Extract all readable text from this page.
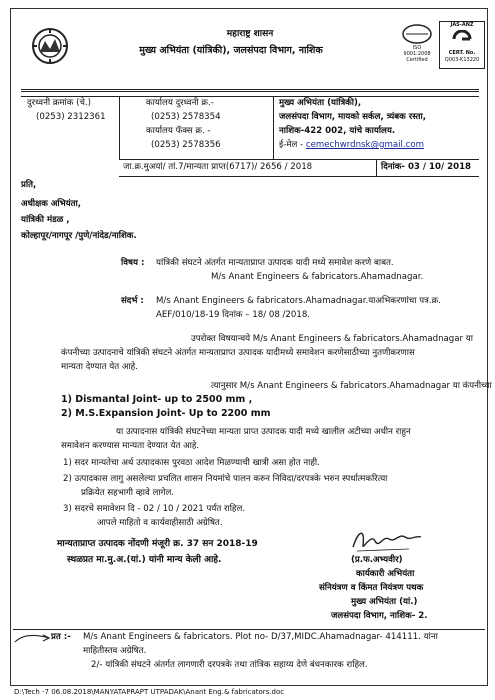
महाराष्ट्र शासन
मुख्य अभियंता (यांत्रिकी), जलसंपदा विभाग, नाशिक	ISO
9001:2008
Certified
JAS-ANZ
CERT. No.
Q003-K13220
दुरध्वनी क्रमांक (चे.)
(0253) 2312361
कार्यालय दुरध्वनी क्र.-
(0253) 2578354
कार्यालय फॅक्स क्र. -
(0253) 2578356
मुख्य अभियंता (यांत्रिकी),
जलसंपदा विभाग, मायको सर्कल, त्र्यंबक रस्ता,
नाशिक-422 002, यांचे कार्यालय.
ई-मेल - cemechwrdnsk@gmail.com
जा.क्र.मुअयां/ तां.7/मान्यता प्राप्त(6717)/ 2656 / 2018	दिनांक- 03 / 10/ 2018
प्रति,
अधीक्षक अभियंता,
यांत्रिकी मंडळ ,
कोल्हापूर/नागपूर /पुणे/नांदेड/नाशिक.
विषय : यांत्रिकी संघटने अंतर्गत मान्यताप्राप्त उत्पादक यादी मध्ये समावेश करणे बाबत.
M/s Anant Engineers & fabricators.Ahamadnagar.
संदर्भ : M/s Anant Engineers & fabricators.Ahamadnagar.याअभिकरणांचा पत्र.क्र.
AEF/010/18-19 दिनांक – 18/ 08 /2018.
उपरोक्त विषयान्वये M/s Anant Engineers & fabricators.Ahamadnagar या
कंपनीच्या उत्पादनाचे यांत्रिकी संघटने अंतर्गत मान्यताप्राप्त उत्पादक यादीमध्ये समावेशन करणेसाठीच्या नुतणीकरणास
मान्यता देण्यात येत आहे.
त्यानुसार M/s Anant Engineers & fabricators.Ahamadnagar या कंपनीच्या
1) Dismantal Joint- up to 2500 mm ,
2) M.S.Expansion Joint- Up to 2200 mm
या उत्पादनास यांत्रिकी संघटनेच्या मान्यता प्राप्त उत्पादक यादी मध्ये खालील अटीच्या अधीन राहुन
समावेशन करण्यास मान्यता देण्यात येत आहे.
1) सदर मान्यतेचा अर्थ उत्पादकास पुरवठा आदेश मिळण्याची खात्री असा होत नाही.
2) उत्पादकास लागु असलेल्या प्रचलित शासन नियमांचे पालन करुन निविदा/दरपत्रके भरुन स्पर्धात्मकरित्या
प्रक्रियेत सहभागी व्हावे लागेल.
3) सदरचे समावेशन दि - 02 / 10 / 2021 पर्यंत राहिल.
आपले माहितो व कार्यवाहीसाठी अग्रेषित.
मान्यताप्राप्त उत्पादक नोंदणी मंजूरी क्र. 37 सन 2018-19
स्थळप्रत मा.मु.अ.(यां.) यांनी मान्य केली आहे.	(प्र.फ.अभ्यवीर)
कार्यकारी अभियंता
संनियंत्रण व किंमत नियंत्रण पथक
मुख्य अभियंता (यां.)
जलसंपदा विभाग, नाशिक- 2.
प्रत :- M/s Anant Engineers & fabricators. Plot no- D/37,MIDC.Ahamadnagar- 414111. यांना
माहितीस्तव अग्रेषित.
2/- यांत्रिकी संघटने अंतर्गत लागणारी दरपत्रके तथा तांत्रिक सहाय्य देणे बंधनकारक राहिल.
D:\Tech -7 06.08.2018\MANYATAPRAPT UTPADAK\Anant Eng.& fabricators.doc
